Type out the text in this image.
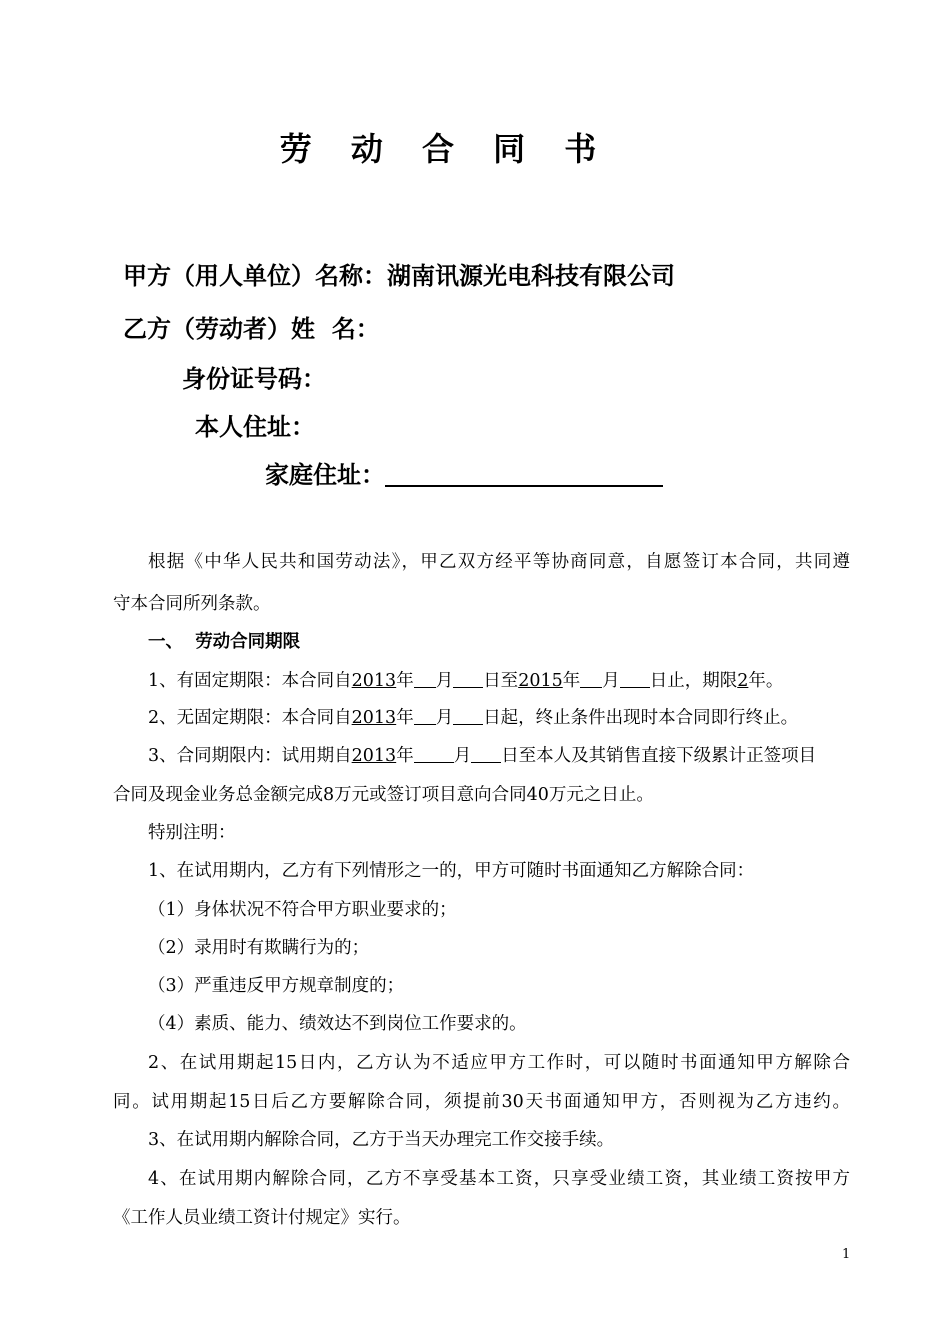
劳 动 合 同 书
甲方（用人单位）名称：湖南讯源光电科技有限公司
乙方（劳动者）姓  名：
身份证号码：
本人住址：
家庭住址：
根据《中华人民共和国劳动法》，甲乙双方经平等协商同意，自愿签订本合同，共同遵
守本合同所列条款。
一、 劳动合同期限
1、有固定期限：本合同自2013年 月 日至2015年 月 日止，期限2年。
2、无固定期限：本合同自2013年 月 日起，终止条件出现时本合同即行终止。
3、合同期限内：试用期自2013年 月 日至本人及其销售直接下级累计正签项目
合同及现金业务总金额完成8万元或签订项目意向合同40万元之日止。
特别注明：
1、在试用期内，乙方有下列情形之一的，甲方可随时书面通知乙方解除合同：
（1）身体状况不符合甲方职业要求的；
（2）录用时有欺瞒行为的；
（3）严重违反甲方规章制度的；
（4）素质、能力、绩效达不到岗位工作要求的。
2、在试用期起15日内，乙方认为不适应甲方工作时，可以随时书面通知甲方解除合
同。试用期起15日后乙方要解除合同，须提前30天书面通知甲方，否则视为乙方违约。
3、在试用期内解除合同，乙方于当天办理完工作交接手续。
4、在试用期内解除合同，乙方不享受基本工资，只享受业绩工资，其业绩工资按甲方
《工作人员业绩工资计付规定》实行。
1
